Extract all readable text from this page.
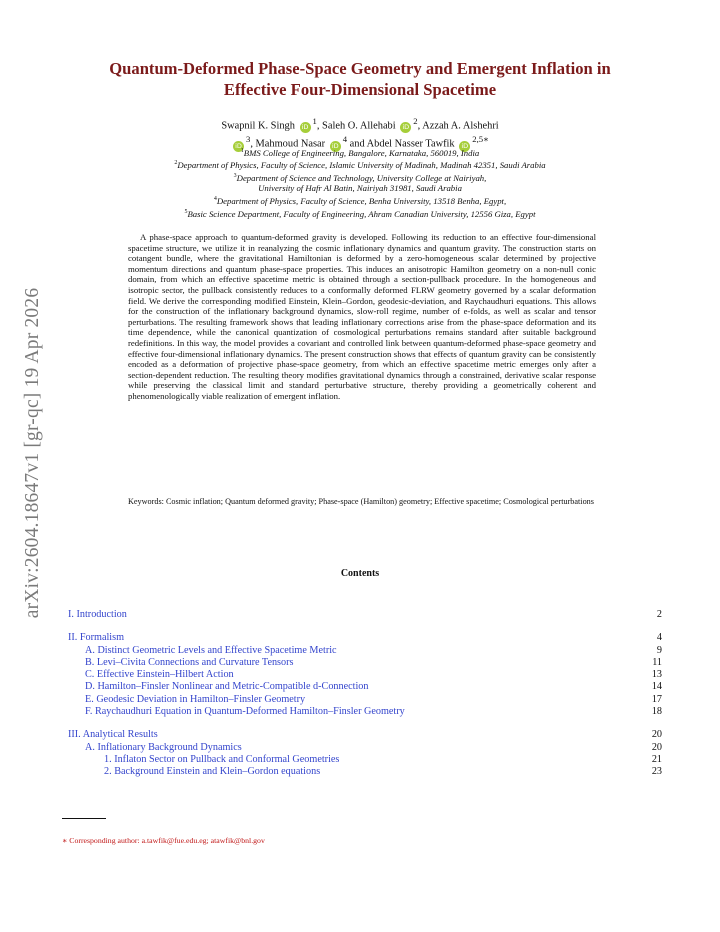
arXiv:2604.18647v1 [gr-qc] 19 Apr 2026
Quantum-Deformed Phase-Space Geometry and Emergent Inflation in
Effective Four-Dimensional Spacetime
Swapnil K. Singh $iD^1$, Saleh O. Allehabi $iD^2$, Azzah A. Alshehri
$iD^3$, Mahmoud Nasar $iD^4$ and Abdel Nasser Tawfik $iD^{2,5∗}$
$^1$BMS College of Engineering, Bangalore, Karnataka, 560019, India
$^2$Department of Physics, Faculty of Science, Islamic University of Madinah, Madinah 42351, Saudi Arabia
$^3$Department of Science and Technology, University College at Nairiyah,
University of Hafr Al Batin, Nairiyah 31981, Saudi Arabia
$^4$Department of Physics, Faculty of Science, Benha University, 13518 Benha, Egypt,
$^5$Basic Science Department, Faculty of Engineering, Ahram Canadian University, 12556 Giza, Egypt

A phase-space approach to quantum-deformed gravity is developed. Following its reduction to an effective four-dimensional spacetime structure, we utilize it in reanalyzing the cosmic inflationary dynamics and quantum gravity. The construction starts on cotangent bundle, where the gravitational Hamiltonian is deformed by a zero-homogeneous scalar determined by projective momentum directions and quantum phase-space properties. This induces an anisotropic Hamilton geometry on a non-null conic domain, from which an effective spacetime metric is obtained through a section-pullback procedure. In the homogeneous and isotropic sector, the pullback consistently reduces to a conformally deformed FLRW geometry governed by a scalar deformation field. We derive the corresponding modified Einstein, Klein–Gordon, geodesic-deviation, and Raychaudhuri equations. This allows for the construction of the inflationary background dynamics, slow-roll regime, number of e-folds, as well as scalar and tensor perturbations. The resulting framework shows that leading inflationary corrections arise from the phase-space deformation and its time dependence, while the canonical quantization of cosmological perturbations remains standard after suitable background redefinitions. In this way, the model provides a covariant and controlled link between quantum-deformed phase-space geometry and effective four-dimensional inflationary dynamics. The present construction shows that effects of quantum gravity can be consistently encoded as a deformation of projective phase-space geometry, from which an effective spacetime metric emerges only after a section-dependent reduction. The resulting theory modifies gravitational dynamics through a constrained, derivative scalar response while preserving the classical limit and standard perturbative structure, thereby providing a geometrically coherent and phenomenologically viable realization of emergent inflation.

Keywords: Cosmic inflation; Quantum deformed gravity; Phase-space (Hamilton) geometry; Effective spacetime; Cosmological perturbations

Contents
I. Introduction	2
II. Formalism	4
A. Distinct Geometric Levels and Effective Spacetime Metric	9
B. Levi–Civita Connections and Curvature Tensors	11
C. Effective Einstein–Hilbert Action	13
D. Hamilton–Finsler Nonlinear and Metric-Compatible d-Connection	14
E. Geodesic Deviation in Hamilton–Finsler Geometry	17
F. Raychaudhuri Equation in Quantum-Deformed Hamilton–Finsler Geometry	18
III. Analytical Results	20
A. Inflationary Background Dynamics	20
1. Inflaton Sector on Pullback and Conformal Geometries	21
2. Background Einstein and Klein–Gordon equations	23
∗ Corresponding author: a.tawfik@fue.edu.eg; atawfik@bnl.gov
